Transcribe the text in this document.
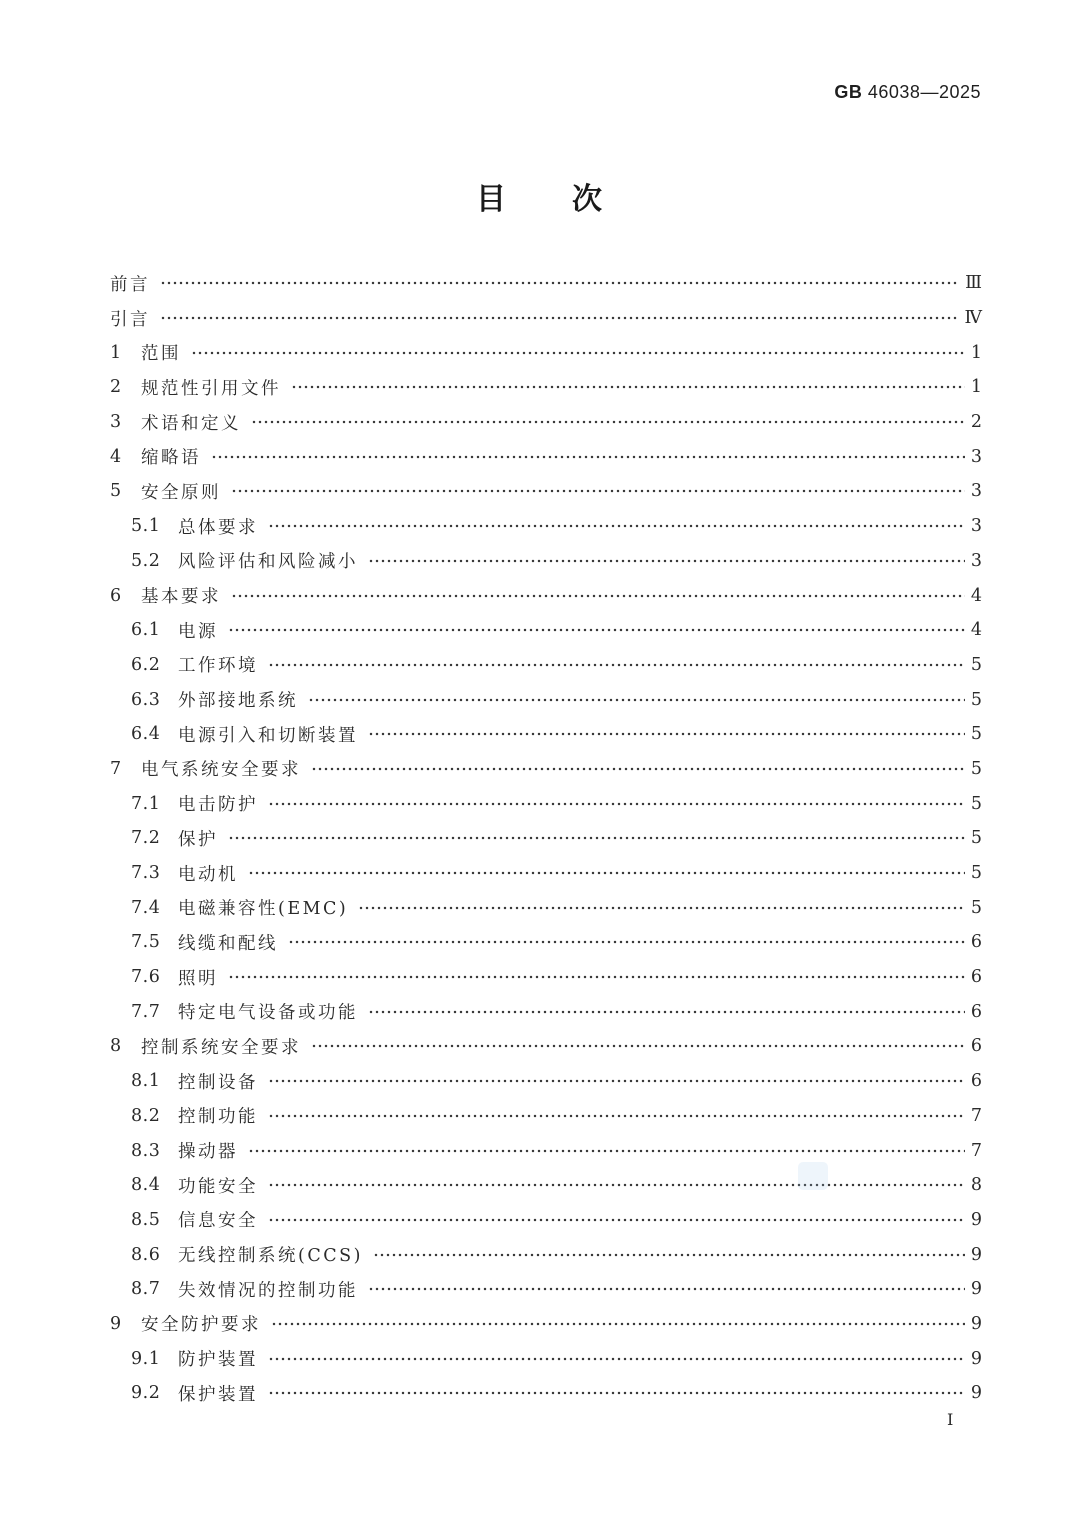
GB 46038—2025
目　　次
前言	Ⅲ
引言	Ⅳ
1	范围	1
2	规范性引用文件	1
3	术语和定义	2
4	缩略语	3
5	安全原则	3
5.1	总体要求	3
5.2	风险评估和风险减小	3
6	基本要求	4
6.1	电源	4
6.2	工作环境	5
6.3	外部接地系统	5
6.4	电源引入和切断装置	5
7	电气系统安全要求	5
7.1	电击防护	5
7.2	保护	5
7.3	电动机	5
7.4	电磁兼容性(EMC)	5
7.5	线缆和配线	6
7.6	照明	6
7.7	特定电气设备或功能	6
8	控制系统安全要求	6
8.1	控制设备	6
8.2	控制功能	7
8.3	操动器	7
8.4	功能安全	8
8.5	信息安全	9
8.6	无线控制系统(CCS)	9
8.7	失效情况的控制功能	9
9	安全防护要求	9
9.1	防护装置	9
9.2	保护装置	9
Ⅰ
